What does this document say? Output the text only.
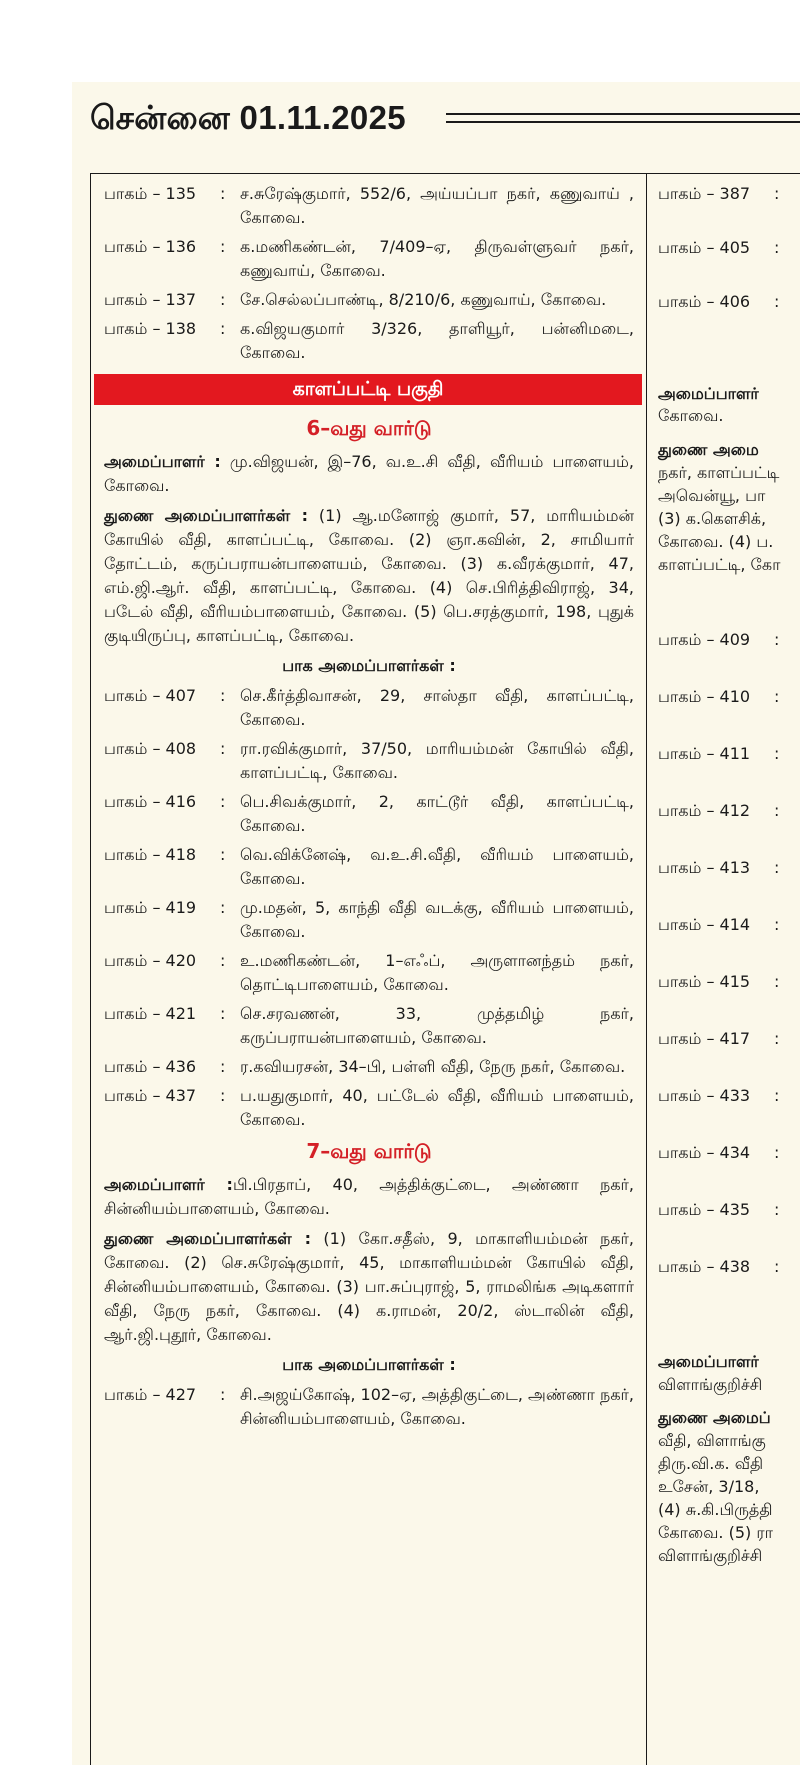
சென்னை 01.11.2025
பாகம் – 135	: ச.சுரேஷ்குமார், 552/6, அய்யப்பா நகர், கணுவாய் , கோவை.
பாகம் – 136	: க.மணிகண்டன், 7/409–ஏ, திருவள்ளுவர் நகர், கணுவாய், கோவை.
பாகம் – 137	: சே.செல்லப்பாண்டி, 8/210/6, கணுவாய், கோவை.
பாகம் – 138	: க.விஜயகுமார் 3/326, தாளியூர், பன்னிமடை, கோவை.
காளப்பட்டி பகுதி
6–வது வார்டு

அமைப்பாளர் : மு.விஜயன், இ–76, வ.உ.சி வீதி, வீரியம் பாளையம், கோவை.

துணை அமைப்பாளர்கள் : (1) ஆ.மனோஜ் குமார், 57, மாரியம்மன் கோயில் வீதி, காளப்பட்டி, கோவை. (2) ஞா.கவின், 2, சாமியார் தோட்டம், கருப்பராயன்பாளையம், கோவை. (3) க.வீரக்குமார், 47, எம்.ஜி.ஆர். வீதி, காளப்பட்டி, கோவை. (4) செ.பிரித்திவிராஜ், 34, படேல் வீதி, வீரியம்பாளையம், கோவை. (5) பெ.சரத்குமார், 198, புதுக் குடியிருப்பு, காளப்பட்டி, கோவை.

பாக அமைப்பாளர்கள் :
பாகம் – 407	: செ.கீர்த்திவாசன், 29, சாஸ்தா வீதி, காளப்பட்டி, கோவை.
பாகம் – 408	: ரா.ரவிக்குமார், 37/50, மாரியம்மன் கோயில் வீதி, காளப்பட்டி, கோவை.
பாகம் – 416	: பெ.சிவக்குமார், 2, காட்டூர் வீதி, காளப்பட்டி, கோவை.
பாகம் – 418	: வெ.விக்னேஷ், வ.உ.சி.வீதி, வீரியம் பாளையம், கோவை.
பாகம் – 419	: மு.மதன், 5, காந்தி வீதி வடக்கு, வீரியம் பாளையம், கோவை.
பாகம் – 420	: உ.மணிகண்டன், 1–எஃப், அருளானந்தம் நகர், தொட்டிபாளையம், கோவை.
பாகம் – 421	: செ.சரவணன், 33, முத்தமிழ் நகர், கருப்பராயன்பாளையம், கோவை.
பாகம் – 436	: ர.கவியரசன், 34–பி, பள்ளி வீதி, நேரு நகர், கோவை.
பாகம் – 437	: ப.யதுகுமார், 40, பட்டேல் வீதி, வீரியம் பாளையம், கோவை.
7–வது வார்டு

அமைப்பாளர் :பி.பிரதாப், 40, அத்திக்குட்டை, அண்ணா நகர், சின்னியம்பாளையம், கோவை.

துணை அமைப்பாளர்கள் : (1) கோ.சதீஸ், 9, மாகாளியம்மன் நகர், கோவை. (2) செ.சுரேஷ்குமார், 45, மாகாளியம்மன் கோயில் வீதி, சின்னியம்பாளையம், கோவை. (3) பா.சுப்புராஜ், 5, ராமலிங்க அடிகளார் வீதி, நேரு நகர், கோவை. (4) க.ராமன், 20/2, ஸ்டாலின் வீதி, ஆர்.ஜி.புதூர், கோவை.

பாக அமைப்பாளர்கள் :
பாகம் – 427	: சி.அஜய்கோஷ், 102–ஏ, அத்திகுட்டை, அண்ணா நகர், சின்னியம்பாளையம், கோவை.
பாகம் – 387 :
பாகம் – 405 :
பாகம் – 406 :
அமைப்பாளர்
கோவை.
துணை அமை
நகர், காளப்பட்டி
அவென்யூ, பா
(3) க.கௌசிக்,
கோவை. (4) ப.
காளப்பட்டி, கோ
பாகம் – 409 :
பாகம் – 410 :
பாகம் – 411 :
பாகம் – 412 :
பாகம் – 413 :
பாகம் – 414 :
பாகம் – 415 :
பாகம் – 417 :
பாகம் – 433 :
பாகம் – 434 :
பாகம் – 435 :
பாகம் – 438 :
அமைப்பாளர்
விளாங்குறிச்சி
துணை அமைப்
வீதி, விளாங்கு
திரு.வி.க. வீதி
உசேன், 3/18,
(4) சு.கி.பிருத்தி
கோவை. (5) ரா
விளாங்குறிச்சி
